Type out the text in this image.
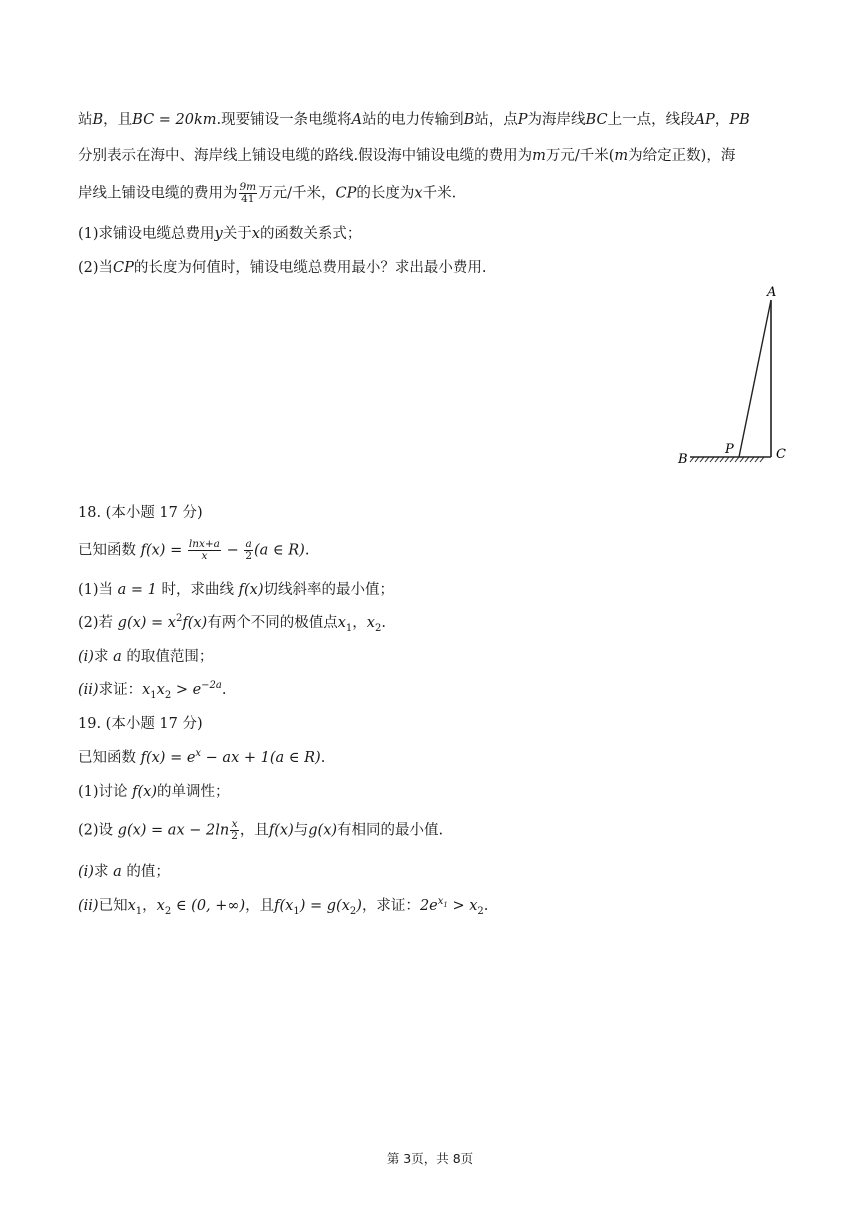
站B，且BC = 20km.现要铺设一条电缆将A站的电力传输到B站，点P为海岸线BC上一点，线段AP，PB
分别表示在海中、海岸线上铺设电缆的路线.假设海中铺设电缆的费用为m万元/千米(m为给定正数)，海
岸线上铺设电缆的费用为 $\frac{9m}{41}$ 万元/千米，CP的长度为x千米.
(1)求铺设电缆总费用y关于x的函数关系式；
(2)当CP的长度为何值时，铺设电缆总费用最小？求出最小费用.
A
B	C
P
18. (本小题 17 分)
已知函数 $f(x) = \frac{\ln x+a}{x} - \frac{a}{2} (a$ ∈ R).
(1)当 a = 1 时，求曲线 f(x)切线斜率的最小值；
(2)若 $g(x) = x^2f(x)$有两个不同的极值点$x_1$，$x_2$.
(i)求 a 的取值范围；
(ii)求证：$x_1x_2 > e^{-2a}$.
19. (本小题 17 分)
已知函数 $f(x) = e^x$ − ax + 1(a ∈ R).
(1)讨论 f(x)的单调性；
(2)设 g(x) = ax − $2\ln \frac{x}{2}$ ，且f(x)与g(x)有相同的最小值.
(i)求 a 的值；
(ii)已知$x_1$，$x_2$ ∈ (0, +∞)，且$f(x_1) = g(x_2)$，求证：$2e^{x_1} > x_2$.
第 3页，共 8页
